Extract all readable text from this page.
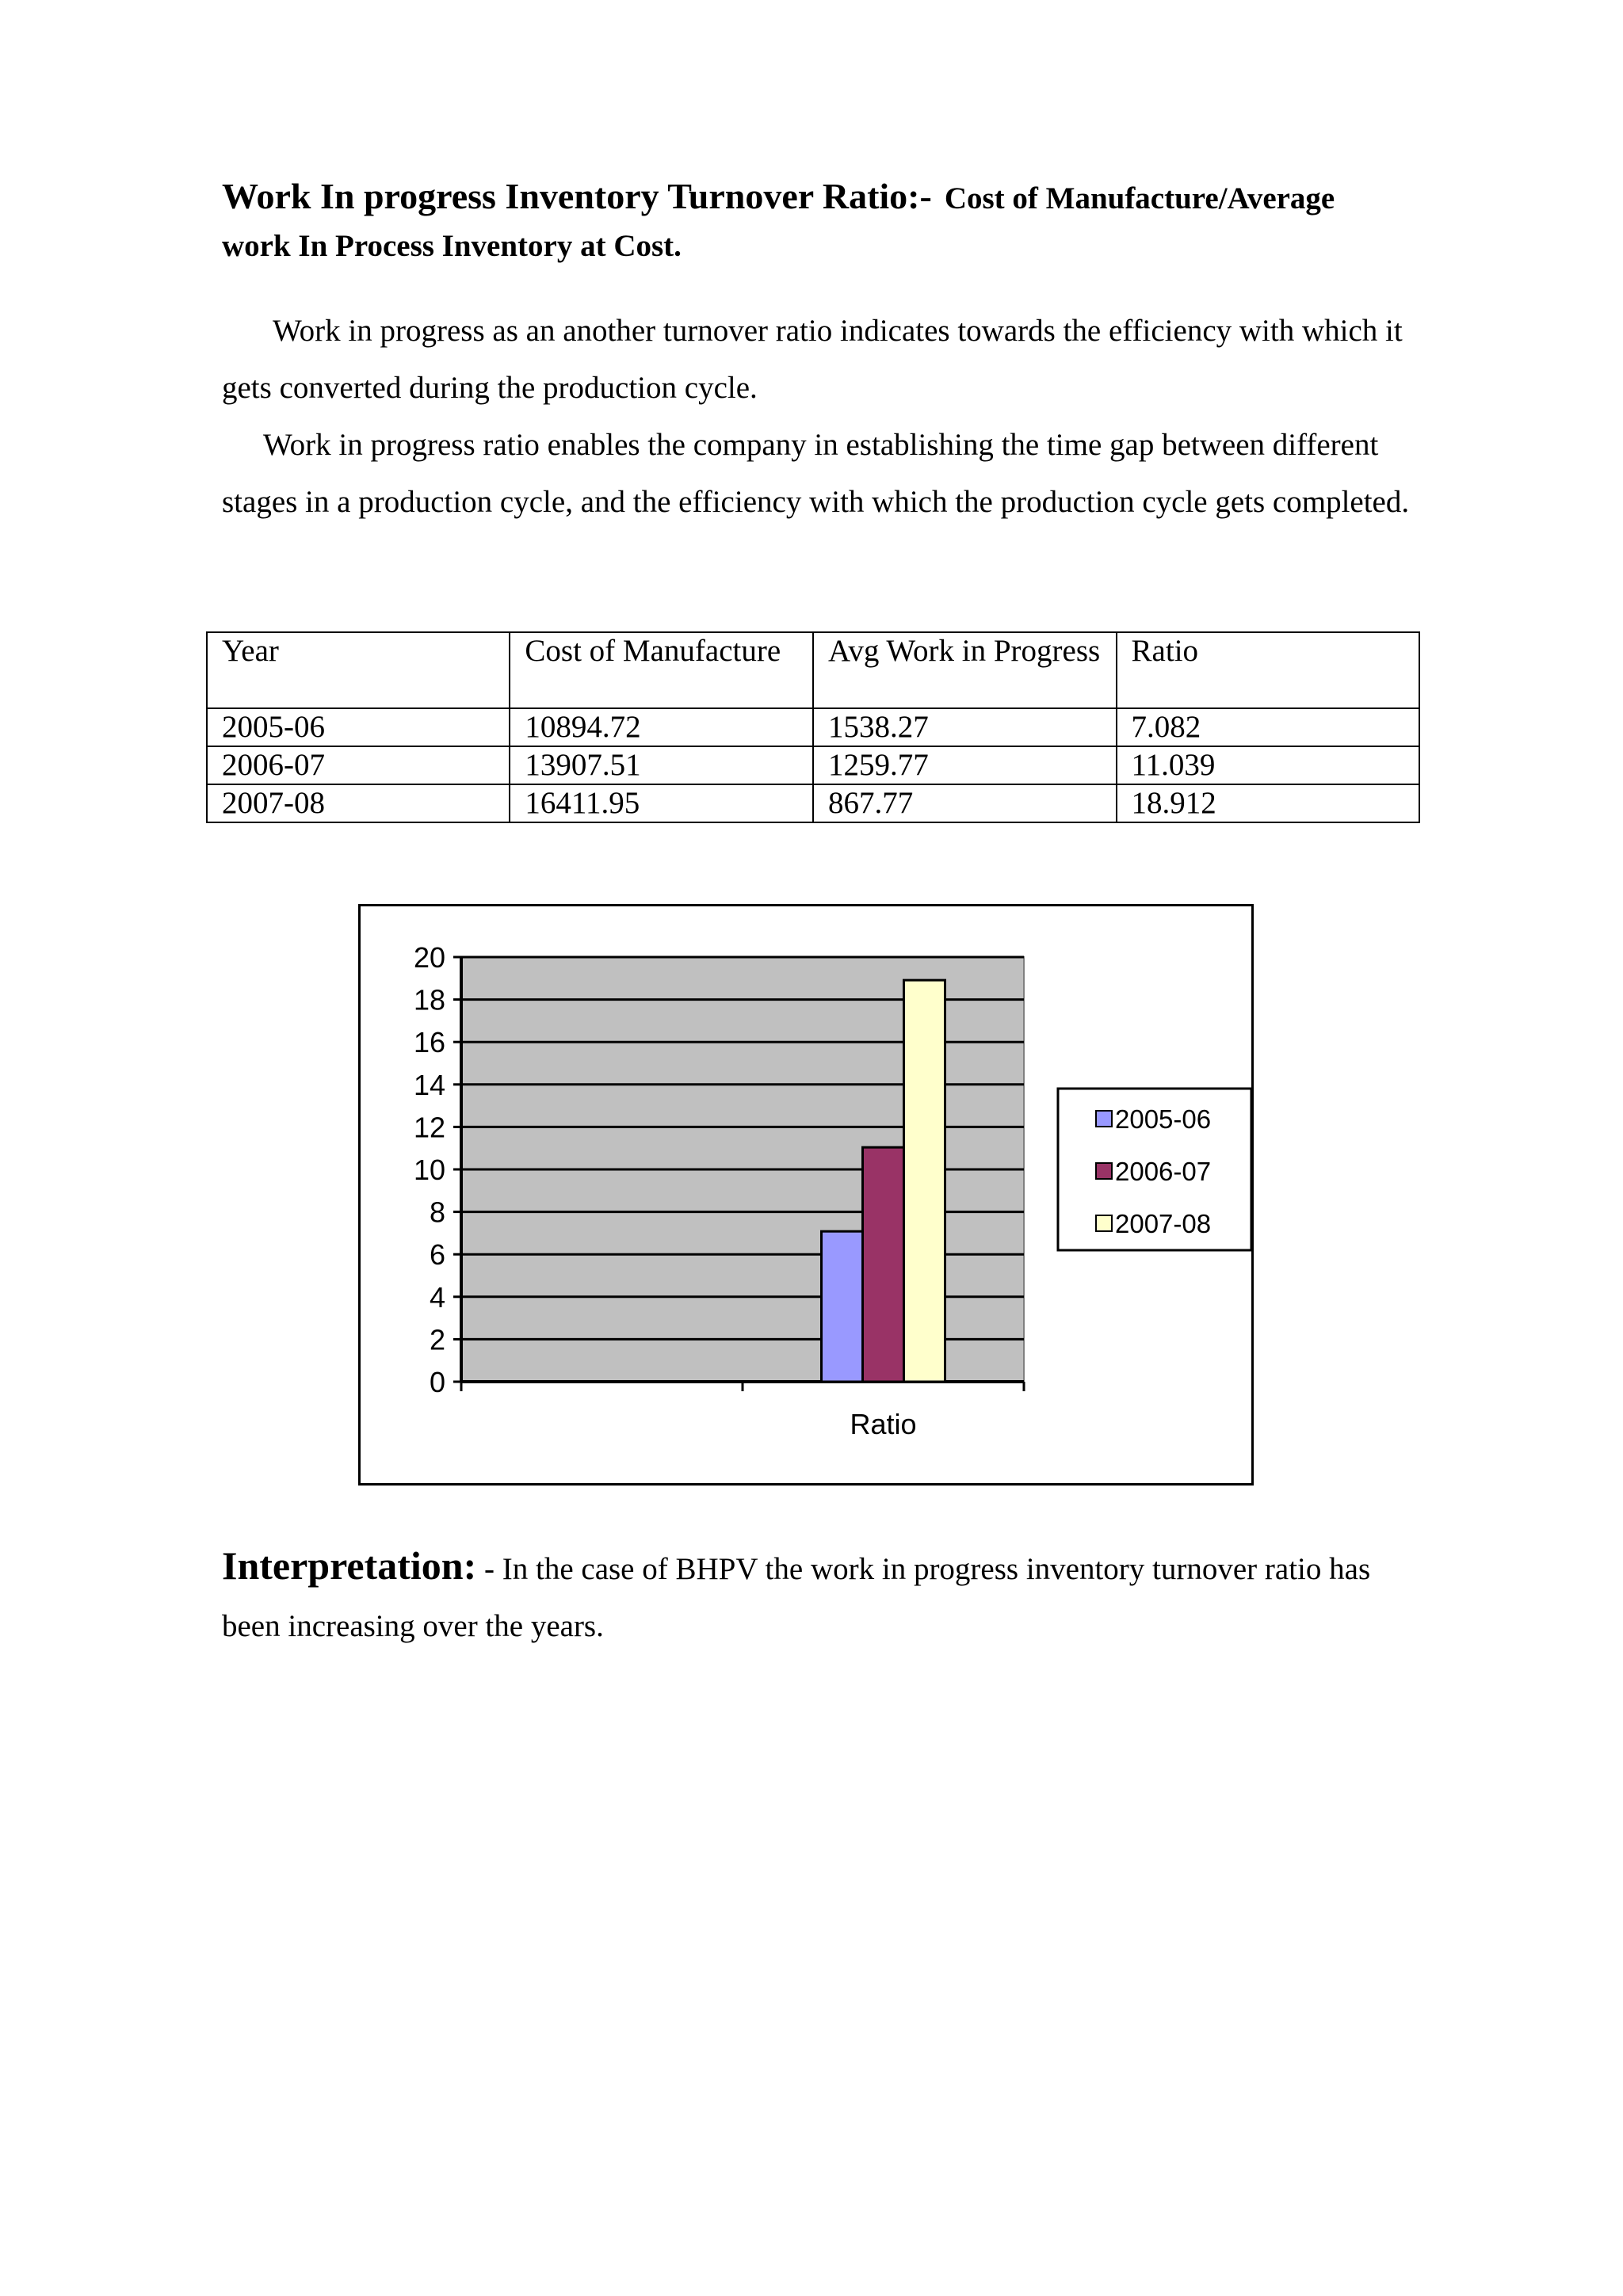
Work In progress Inventory Turnover Ratio:- Cost of Manufacture/Average
work In Process Inventory at Cost.

Work in progress as an another turnover ratio indicates towards the efficiency with which it gets converted during the production cycle.

Work in progress ratio enables the company in establishing the time gap between different stages in a production cycle, and the efficiency with which the production cycle gets completed.

Year	Cost of Manufacture	Avg Work in Progress	Ratio
2005-06	10894.72	1538.27	7.082
2006-07	13907.51	1259.77	11.039
2007-08	16411.95	867.77	18.912
0
2
4
6
8
10
12
14
16
18
20
Ratio
2005-06
2006-07
2007-08
Interpretation: - In the case of BHPV the work in progress inventory turnover ratio has been increasing over the years.
